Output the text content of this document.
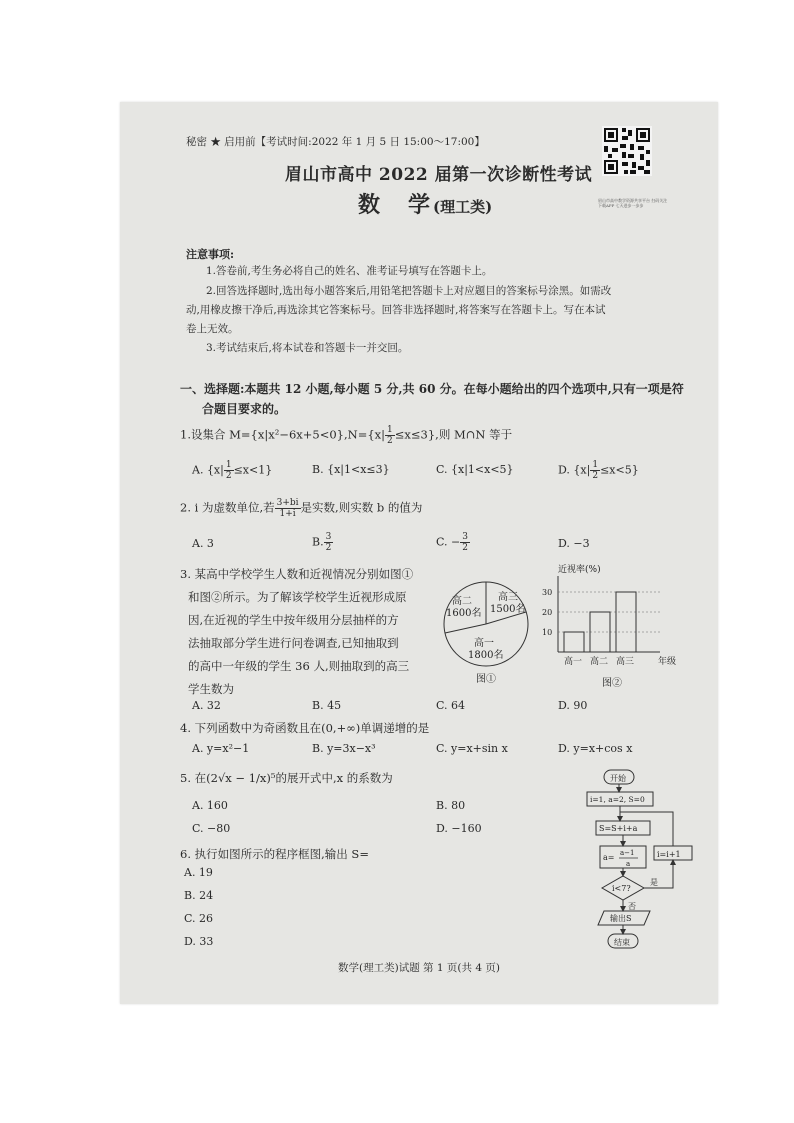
秘密 ★ 启用前【考试时间:2022 年 1 月 5 日 15:00～17:00】
眉山市高中 2022 届第一次诊断性考试
数　学(理工类)	眉山市高中教学资源共享平台 扫码关注 下载APP 七天进步一步步
注意事项:
1.答卷前,考生务必将自己的姓名、准考证号填写在答题卡上。
2.回答选择题时,选出每小题答案后,用铅笔把答题卡上对应题目的答案标号涂黑。如需改
动,用橡皮擦干净后,再选涂其它答案标号。回答非选择题时,将答案写在答题卡上。写在本试
卷上无效。
3.考试结束后,将本试卷和答题卡一并交回。
一、选择题:本题共 12 小题,每小题 5 分,共 60 分。在每小题给出的四个选项中,只有一项是符
合题目要求的。
1.设集合 $M=\{x|x^2-6x+5<0\},N=\{x| \frac{1}{2} \le x\le 3\}$,则 M∩N 等于
A. $\{x| \frac{1}{2} \le x<1\}$	B. {x|1<x≤3}	C. {x|1<x<5}	D. $\{x| \frac{1}{2} \le x<5\}$
2. i 为虚数单位,若 $\frac{3+bi}{1+i}$ 是实数,则实数 b 的值为
A. 3	B. $\frac{3}{2}$	C. − $\frac{3}{2}$	D. −3
3. 某高中学校学生人数和近视情况分别如图①
和图②所示。为了解该学校学生近视形成原
因,在近视的学生中按年级用分层抽样的方
法抽取部分学生进行问卷调查,已知抽取到
的高中一年级的学生 36 人,则抽取到的高三
学生数为
高二
1600名
高三
1500名
高一
1800名
图①
近视率(%)
10
20
30
高一 高二 高三	年级
图②
A. 32	B. 45	C. 64	D. 90
4. 下列函数中为奇函数且在(0,+∞)单调递增的是
A. y=x²−1	B. y=3x−x³	C. y=x+sin x	D. y=x+cos x
5. 在(2√x − 1/x)⁵的展开式中,x 的系数为
A. 160	B. 80
C. −80	D. −160
6. 执行如图所示的程序框图,输出 S=
A. 19
B. 24
C. 26
D. 33
开始
i=1, a=2, S=0
S=S+i+a
a= a−1
a
i=i+1
i<7?
是
否
输出S
结束
数学(理工类)试题 第 1 页(共 4 页)
